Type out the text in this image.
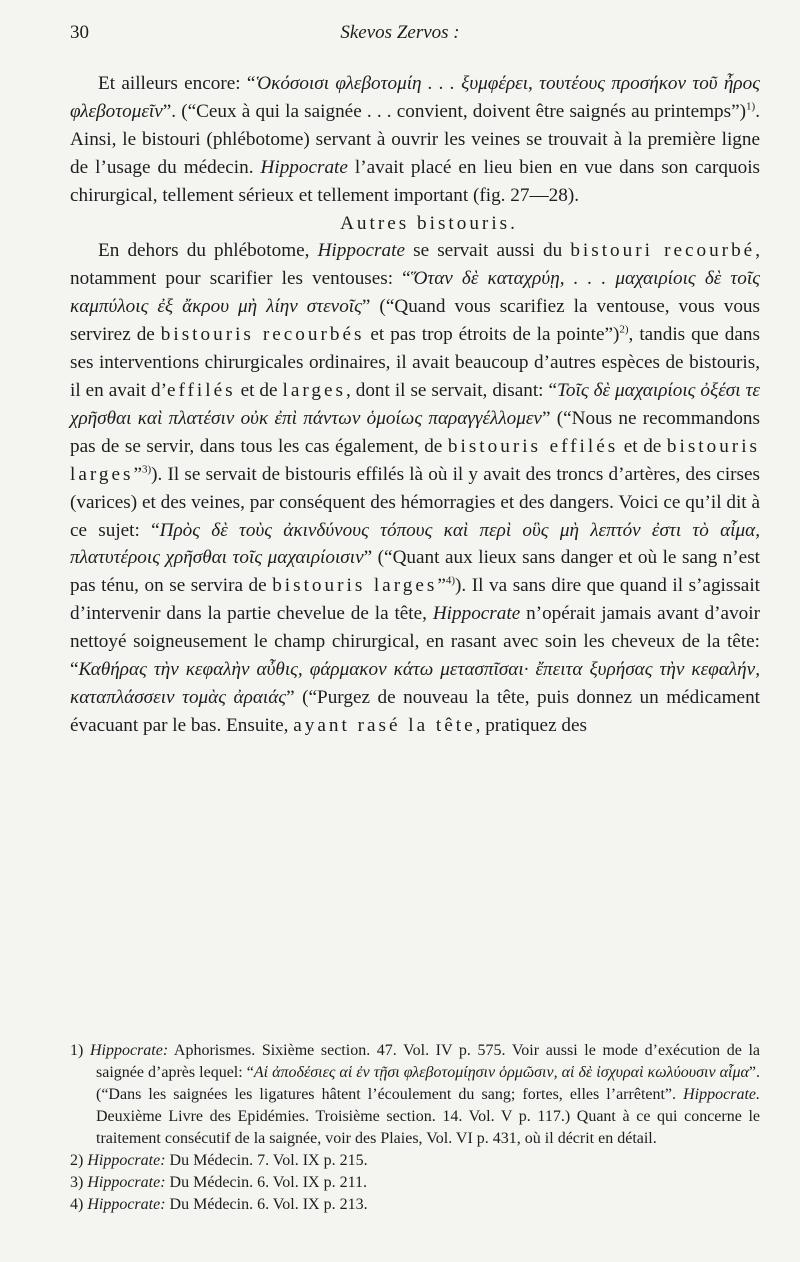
30	Skevos Zervos :

Et ailleurs encore: “Ὁκόσοισι φλεβοτομίη . . . ξυμφέρει, τουτέους προσήκον τοῦ ἦρος φλεβοτομεῖν”. (“Ceux à qui la saignée . . . convient, doivent être saignés au printemps”)$^{1)}$. Ainsi, le bistouri (phlébotome) servant à ouvrir les veines se trouvait à la première ligne de l’usage du médecin. Hippocrate l’avait placé en lieu bien en vue dans son carquois chirurgical, tellement sérieux et tellement important (fig. 27—28).

Autres bistouris.

En dehors du phlébotome, Hippocrate se servait aussi du bistouri recourbé, notamment pour scarifier les ventouses: “Ὅταν δὲ καταχρύῃ, . . . μαχαιρίοις δὲ τοῖς καμπύλοις ἐξ ἄκρου μὴ λίην στενοῖς” (“Quand vous scarifiez la ventouse, vous vous servirez de bistouris recourbés et pas trop étroits de la pointe”)$^{2)}$, tandis que dans ses interventions chirurgicales ordinaires, il avait beaucoup d’autres espèces de bistouris, il en avait d’effilés et de larges, dont il se servait, disant: “Τοῖς δὲ μαχαιρίοις ὀξέσι τε χρῆσθαι καὶ πλατέσιν οὐκ ἐπὶ πάντων ὁμοίως παραγγέλλομεν” (“Nous ne recommandons pas de se servir, dans tous les cas également, de bistouris effilés et de bistouris larges”$^{3)}$). Il se servait de bistouris effilés là où il y avait des troncs d’artères, des cirses (varices) et des veines, par conséquent des hémorragies et des dangers. Voici ce qu’il dit à ce sujet: “Πρὸς δὲ τοὺς ἀκινδύνους τόπους καὶ περὶ οὓς μὴ λεπτόν ἐστι τὸ αἷμα, πλατυτέροις χρῆσθαι τοῖς μαχαιρίοισιν” (“Quant aux lieux sans danger et où le sang n’est pas ténu, on se servira de bistouris larges”$^{4)}$). Il va sans dire que quand il s’agissait d’intervenir dans la partie chevelue de la tête, Hippocrate n’opérait jamais avant d’avoir nettoyé soigneusement le champ chirurgical, en rasant avec soin les cheveux de la tête: “Καθήρας τὴν κεφαλὴν αὖθις, φάρμακον κάτω μετασπῖσαι· ἔπειτα ξυρήσας τὴν κεφαλήν, καταπλάσσειν τομὰς ἀραιάς” (“Purgez de nouveau la tête, puis donnez un médicament évacuant par le bas. Ensuite, ayant rasé la tête, pratiquez des

1) Hippocrate: Aphorismes. Sixième section. 47. Vol. IV p. 575. Voir aussi le mode d’exécution de la saignée d’après lequel: “Αἱ ἀποδέσιες αἱ ἐν τῇσι φλεβοτομίῃσιν ὁρμῶσιν, αἱ δὲ ἰσχυραὶ κωλύουσιν αἷμα”. (“Dans les saignées les ligatures hâtent l’écoulement du sang; fortes, elles l’arrêtent”. Hippocrate. Deuxième Livre des Epidémies. Troisième section. 14. Vol. V p. 117.) Quant à ce qui concerne le traitement consécutif de la saignée, voir des Plaies, Vol. VI p. 431, où il décrit en détail.

2) Hippocrate: Du Médecin. 7. Vol. IX p. 215.

3) Hippocrate: Du Médecin. 6. Vol. IX p. 211.

4) Hippocrate: Du Médecin. 6. Vol. IX p. 213.
